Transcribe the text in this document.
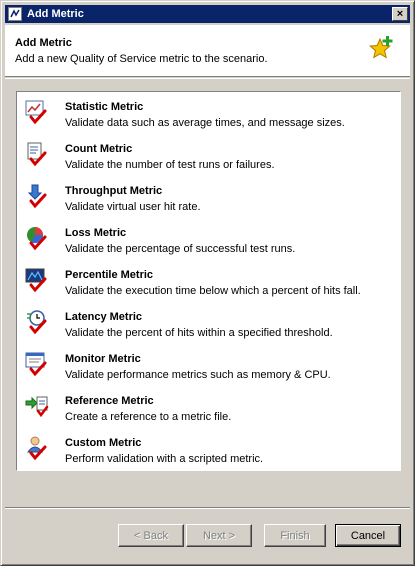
Add Metric	×
Add Metric
Add a new Quality of Service metric to the scenario.
Statistic Metric
Validate data such as average times, and message sizes.
Count Metric
Validate the number of test runs or failures.
Throughput Metric
Validate virtual user hit rate.
Loss Metric
Validate the percentage of successful test runs.
Percentile Metric
Validate the execution time below which a percent of hits fall.
Latency Metric
Validate the percent of hits within a specified threshold.
Monitor Metric
Validate performance metrics such as memory & CPU.
Reference Metric
Create a reference to a metric file.
Custom Metric
Perform validation with a scripted metric.
< Back	Next >	Finish	Cancel
